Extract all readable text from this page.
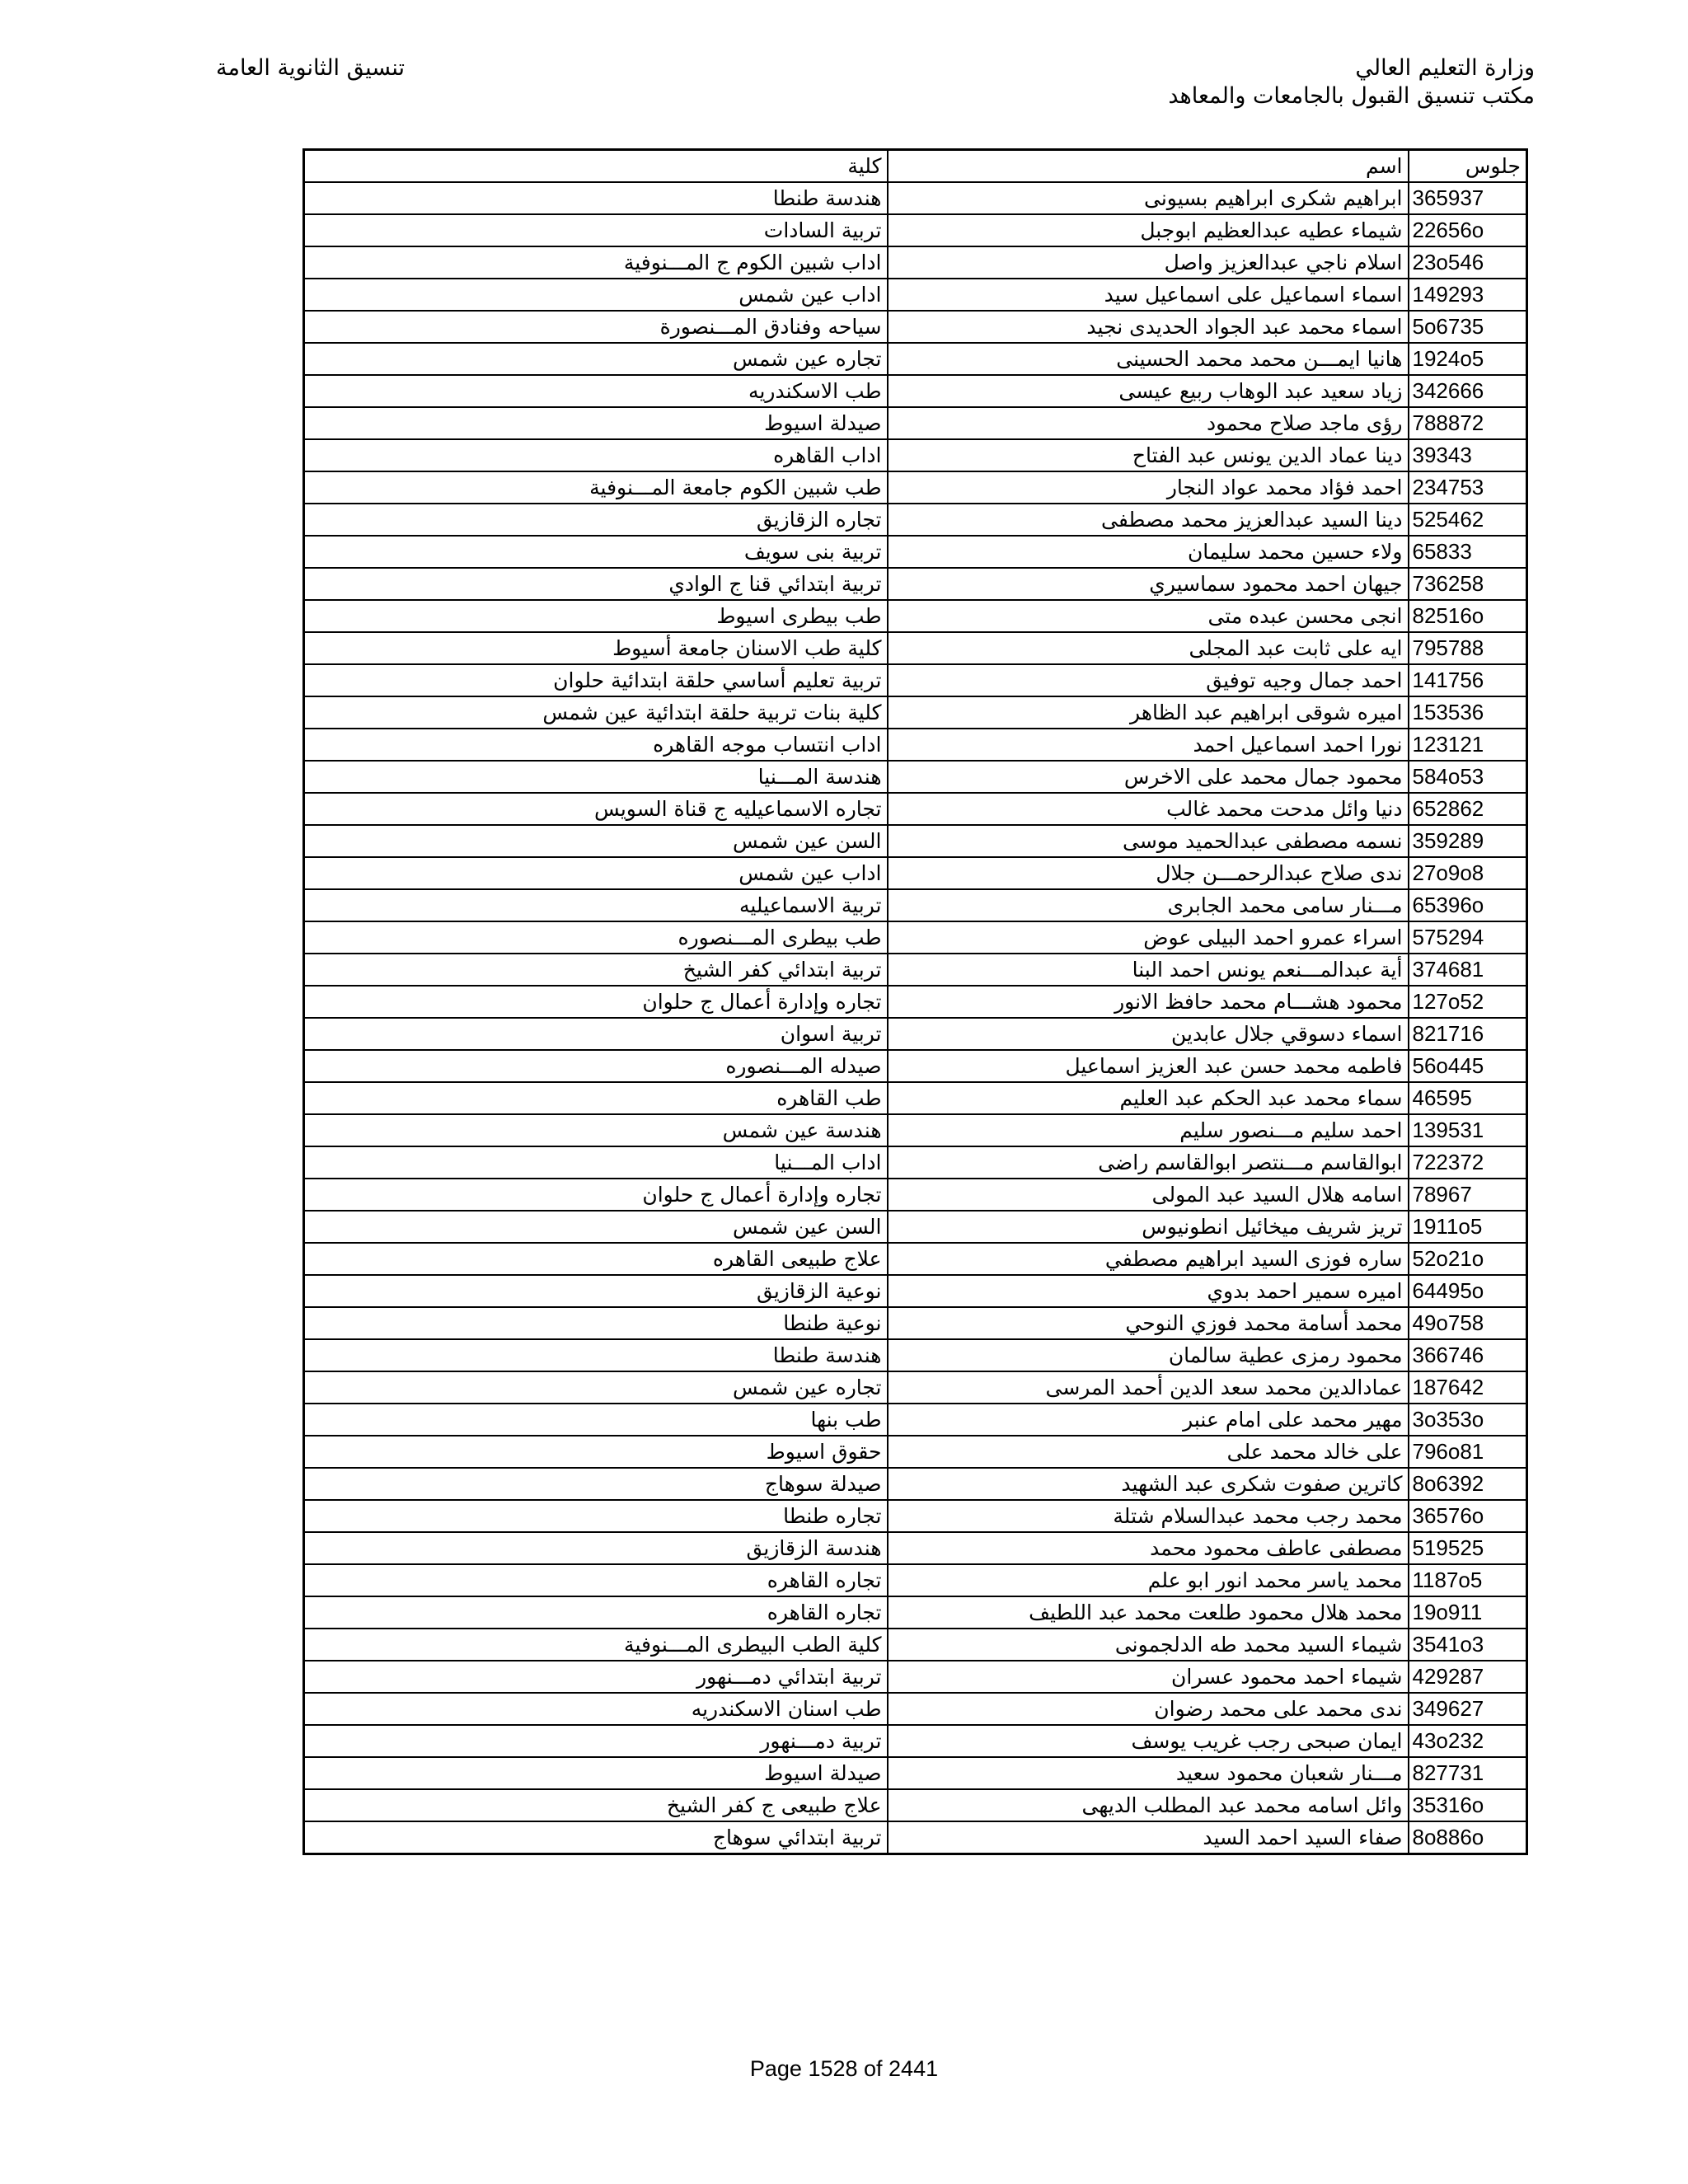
وزارة التعليم العالي
مكتب تنسيق القبول بالجامعات والمعاهد
تنسيق الثانوية العامة
جلوس	اسم	كلية
365937	ابراهيم شكرى ابراهيم بسيونى	هندسة طنطا
22656o	شيماء عطيه عبدالعظيم ابوجبل	تربية السادات
23o546	اسلام ناجي عبدالعزيز واصل	اداب شبين الكوم ج المـــنوفية
149293	اسماء اسماعيل على اسماعيل سيد	اداب عين شمس
5o6735	اسماء محمد عبد الجواد الحديدى نجيد	سياحه وفنادق المـــنصورة
1924o5	هانيا ايمـــن محمد محمد الحسينى	تجاره عين شمس
342666	زياد سعيد عبد الوهاب ربيع عيسى	طب الاسكندريه
788872	رؤى ماجد صلاح محمود	صيدلة اسيوط
39343	دينا عماد الدين يونس عبد الفتاح	اداب القاهره
234753	احمد فؤاد محمد عواد النجار	طب شبين الكوم جامعة المـــنوفية
525462	دينا السيد عبدالعزيز محمد مصطفى	تجاره الزقازيق
65833	ولاء حسين محمد سليمان	تربية بنى سويف
736258	جيهان احمد محمود سماسيري	تربية ابتدائي قنا ج الوادي
82516o	انجى محسن عبده متى	طب بيطرى اسيوط
795788	ايه على ثابت عبد المجلى	كلية طب الاسنان جامعة أسيوط
141756	احمد جمال وجيه توفيق	تربية تعليم أساسي حلقة ابتدائية حلوان
153536	اميره شوقى ابراهيم عبد الظاهر	كلية بنات تربية حلقة ابتدائية عين شمس
123121	نورا احمد اسماعيل احمد	اداب انتساب موجه القاهره
584o53	محمود جمال محمد على الاخرس	هندسة المـــنيا
652862	دنيا وائل مدحت محمد غالب	تجاره الاسماعيليه ج قناة السويس
359289	نسمه مصطفى عبدالحميد موسى	السن عين شمس
27o9o8	ندى صلاح عبدالرحمـــن جلال	اداب عين شمس
65396o	مـــنار سامى محمد الجابرى	تربية الاسماعيليه
575294	اسراء عمرو احمد البيلى عوض	طب بيطرى المـــنصوره
374681	أية عبدالمـــنعم يونس احمد البنا	تربية ابتدائي كفر الشيخ
127o52	محمود هشـــام محمد حافظ الانور	تجاره وإدارة أعمال ج حلوان
821716	اسماء دسوقي جلال عابدين	تربية اسوان
56o445	فاطمه محمد حسن عبد العزيز اسماعيل	صيدله المـــنصوره
46595	سماء محمد عبد الحكم عبد العليم	طب القاهره
139531	احمد سليم مـــنصور سليم	هندسة عين شمس
722372	ابوالقاسم مـــنتصر ابوالقاسم راضى	اداب المـــنيا
78967	اسامه هلال السيد عبد المولى	تجاره وإدارة أعمال ج حلوان
1911o5	تريز شريف ميخائيل انطونيوس	السن عين شمس
52o21o	ساره فوزى السيد ابراهيم مصطفي	علاج طبيعى القاهره
64495o	اميره سمير احمد بدوي	نوعية الزقازيق
49o758	محمد أسامة محمد فوزي النوحي	نوعية طنطا
366746	محمود رمزى عطية سالمان	هندسة طنطا
187642	عمادالدين محمد سعد الدين أحمد المرسى	تجاره عين شمس
3o353o	مهير محمد على امام عنبر	طب بنها
796o81	على خالد محمد على	حقوق اسيوط
8o6392	كاترين صفوت شكرى عبد الشهيد	صيدلة سوهاج
36576o	محمد رجب محمد عبدالسلام شتلة	تجاره طنطا
519525	مصطفى عاطف محمود محمد	هندسة الزقازيق
1187o5	محمد ياسر محمد انور ابو علم	تجاره القاهره
19o911	محمد هلال محمود طلعت محمد عبد اللطيف	تجاره القاهره
3541o3	شيماء السيد محمد طه الدلجمونى	كلية الطب البيطرى المـــنوفية
429287	شيماء احمد محمود عسران	تربية ابتدائي دمـــنهور
349627	ندى محمد على محمد رضوان	طب اسنان الاسكندريه
43o232	ايمان صبحى رجب غريب يوسف	تربية دمـــنهور
827731	مـــنار شعبان محمود سعيد	صيدلة اسيوط
35316o	وائل اسامه محمد عبد المطلب الديهى	علاج طبيعى ج كفر الشيخ
8o886o	صفاء السيد احمد السيد	تربية ابتدائي سوهاج
Page 1528 of 2441
